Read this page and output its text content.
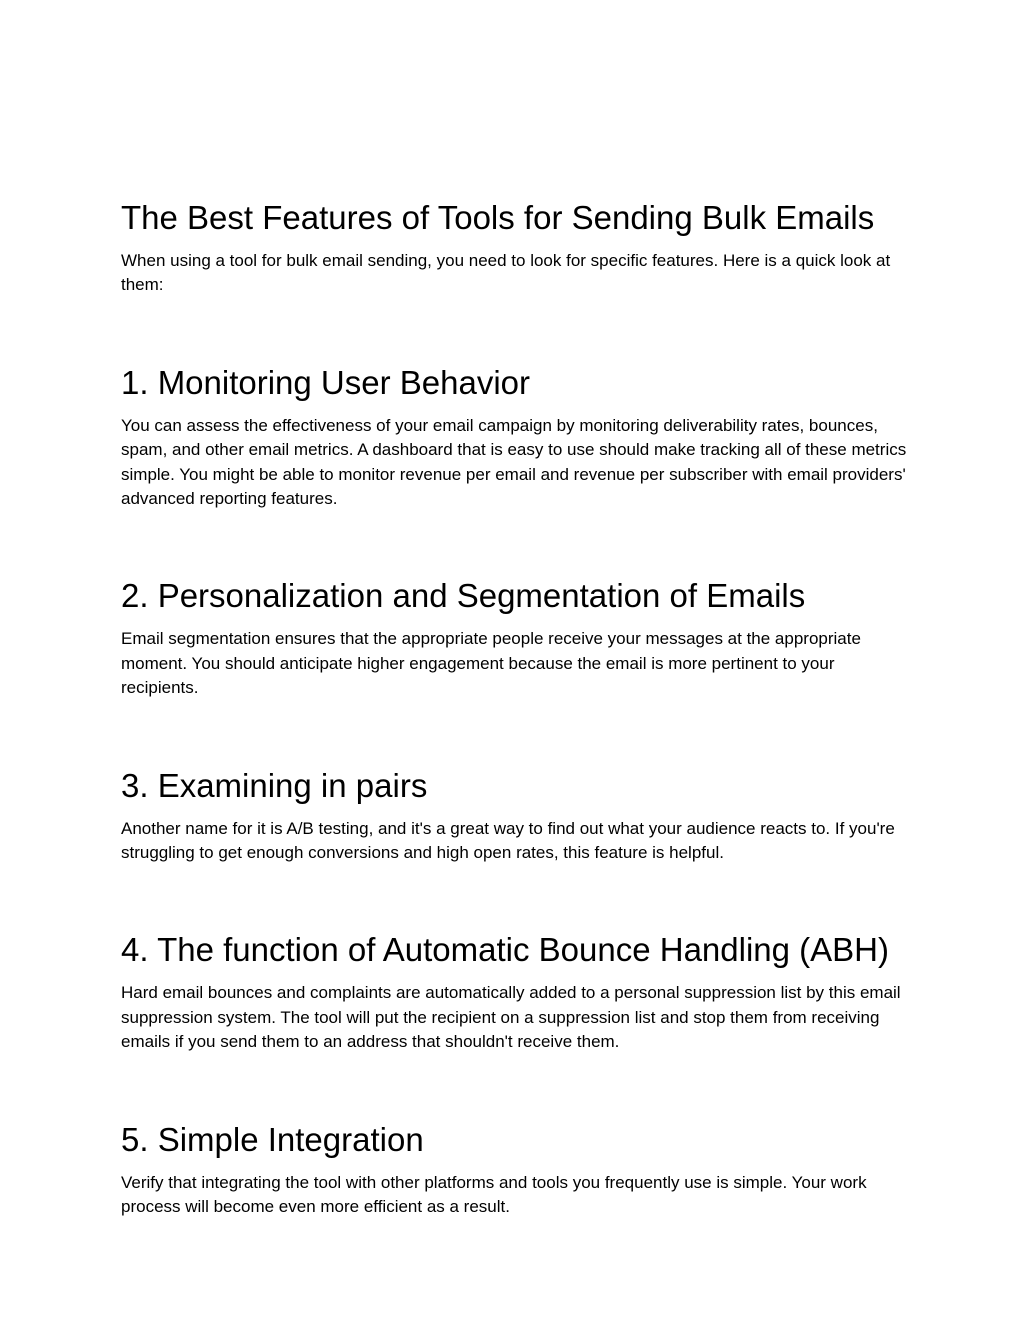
The Best Features of Tools for Sending Bulk Emails

When using a tool for bulk email sending, you need to look for specific features. Here is a quick look at them:

1. Monitoring User Behavior

You can assess the effectiveness of your email campaign by monitoring deliverability rates, bounces, spam, and other email metrics. A dashboard that is easy to use should make tracking all of these metrics simple. You might be able to monitor revenue per email and revenue per subscriber with email providers' advanced reporting features.

2. Personalization and Segmentation of Emails

Email segmentation ensures that the appropriate people receive your messages at the appropriate moment. You should anticipate higher engagement because the email is more pertinent to your recipients.

3. Examining in pairs

Another name for it is A/B testing, and it's a great way to find out what your audience reacts to. If you're struggling to get enough conversions and high open rates, this feature is helpful.

4. The function of Automatic Bounce Handling (ABH)

Hard email bounces and complaints are automatically added to a personal suppression list by this email suppression system. The tool will put the recipient on a suppression list and stop them from receiving emails if you send them to an address that shouldn't receive them.

5. Simple Integration

Verify that integrating the tool with other platforms and tools you frequently use is simple. Your work process will become even more efficient as a result.
